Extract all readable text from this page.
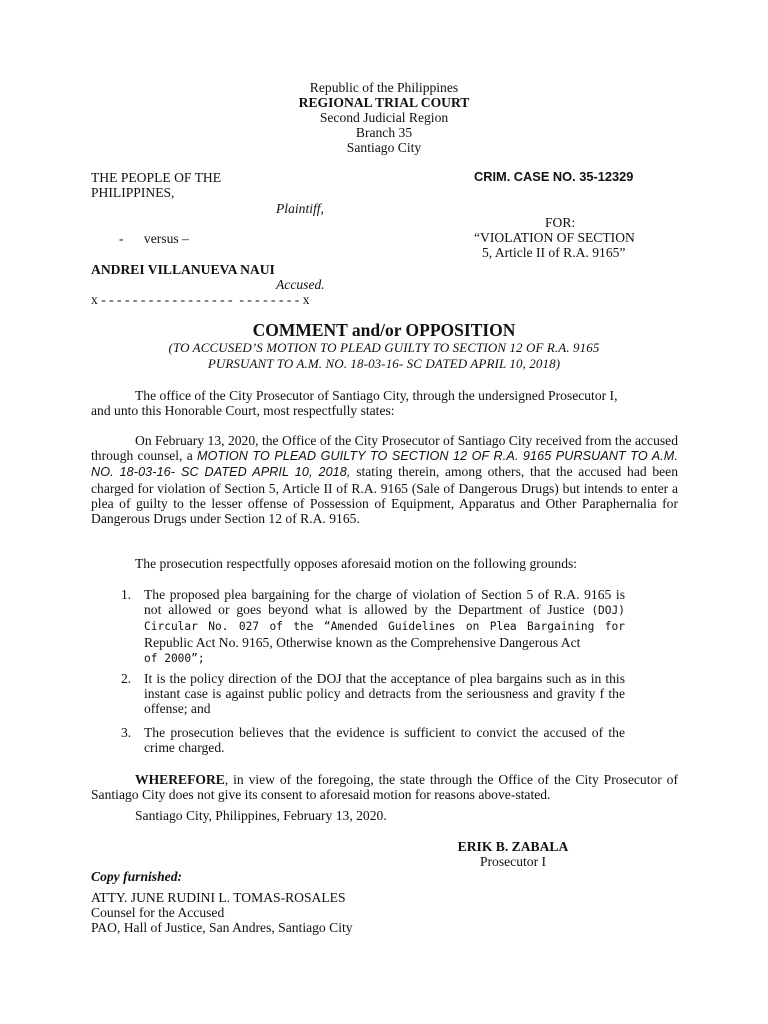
Republic of the Philippines
REGIONAL TRIAL COURT
Second Judicial Region
Branch 35
Santiago City
THE PEOPLE OF THE
PHILIPPINES,
Plaintiff,
-      versus –
ANDREI VILLANUEVA NAUI
Accused.
x - - - - - - - - - - - - - - - - -  - - - - - - - - x
CRIM. CASE NO. 35-12329
FOR:
“VIOLATION OF SECTION
5, Article II of R.A. 9165”
COMMENT and/or OPPOSITION
(TO ACCUSED’S MOTION TO PLEAD GUILTY TO SECTION 12 OF R.A. 9165
PURSUANT TO A.M. NO. 18-03-16- SC DATED APRIL 10, 2018)
The office of the City Prosecutor of Santiago City, through the undersigned Prosecutor I,
and unto this Honorable Court, most respectfully states:
On February 13, 2020, the Office of the City Prosecutor of Santiago City received from the accused through counsel, a MOTION TO PLEAD GUILTY TO SECTION 12 OF R.A. 9165 PURSUANT TO A.M. NO. 18-03-16- SC DATED APRIL 10, 2018, stating therein, among others, that the accused had been charged for violation of Section 5, Article II of R.A. 9165 (Sale of Dangerous Drugs) but intends to enter a plea of guilty to the lesser offense of Possession of Equipment, Apparatus and Other Paraphernalia for Dangerous Drugs under Section 12 of R.A. 9165.
The prosecution respectfully opposes aforesaid motion on the following grounds:
1. The proposed plea bargaining for the charge of violation of Section 5 of R.A. 9165 is not allowed or goes beyond what is allowed by the Department of Justice (DOJ) Circular No. 027 of the “Amended Guidelines on Plea Bargaining for Republic Act No. 9165, Otherwise known as the Comprehensive Dangerous Act
of 2000”;
2. It is the policy direction of the DOJ that the acceptance of plea bargains such as in this instant case is against public policy and detracts from the seriousness and gravity f the offense; and
3. The prosecution believes that the evidence is sufficient to convict the accused of the crime charged.
WHEREFORE, in view of the foregoing, the state through the Office of the City Prosecutor of Santiago City does not give its consent to aforesaid motion for reasons above-stated.
Santiago City, Philippines, February 13, 2020.
ERIK B. ZABALA
Prosecutor I
Copy furnished:
ATTY. JUNE RUDINI L. TOMAS-ROSALES
Counsel for the Accused
PAO, Hall of Justice, San Andres, Santiago City
